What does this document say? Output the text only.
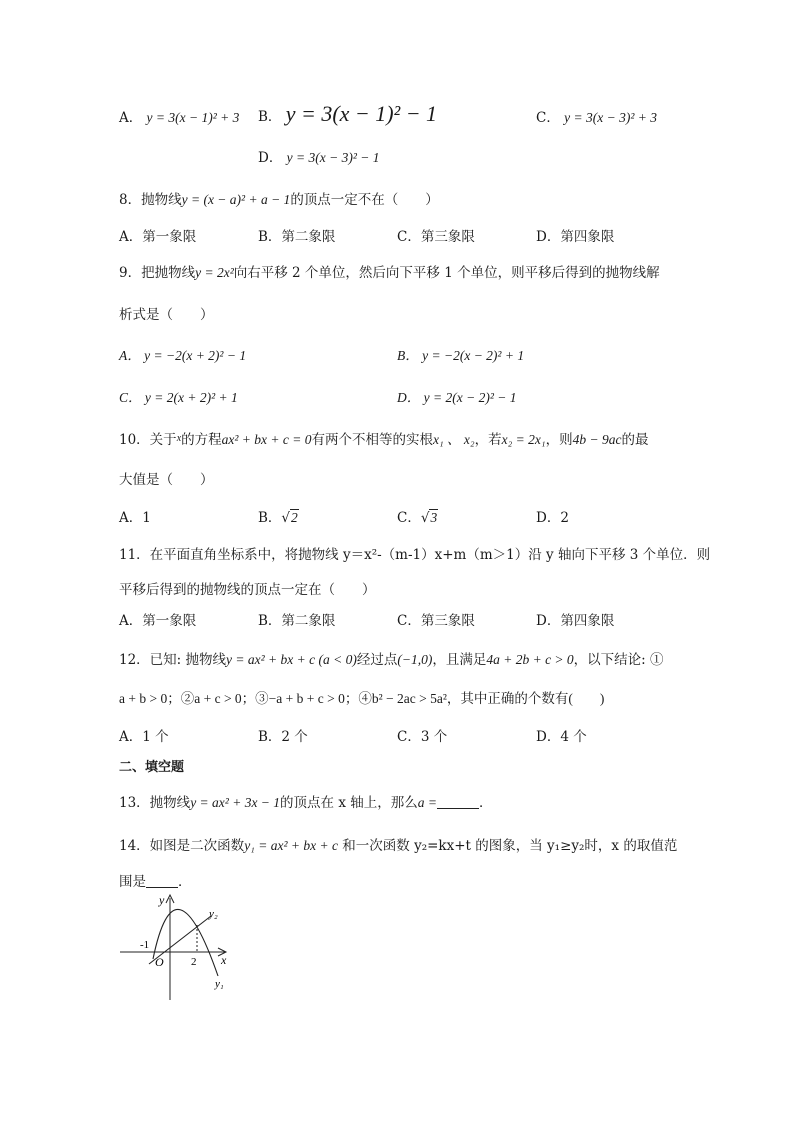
A． y = 3(x − 1)² + 3 B． y = 3(x − 1)² − 1	C． y = 3(x − 3)² + 3
D． y = 3(x − 3)² − 1
8．抛物线y = (x − a)² + a − 1的顶点一定不在（　　）
A．第一象限	B．第二象限	C．第三象限	D．第四象限
9．把抛物线y = 2x²向右平移 2 个单位，然后向下平移 1 个单位，则平移后得到的抛物线解
析式是（　　）
A． y = −2(x + 2)² − 1	B． y = −2(x − 2)² + 1
C． y = 2(x + 2)² + 1	D． y = 2(x − 2)² − 1
10．关于$^x$的方程ax² + bx + c = 0有两个不相等的实根x₁ 、 x₂，若x₂ = 2x₁，则4b − 9ac的最
大值是（　　）
A．1	B．√2	C．√3	D．2
11．在平面直角坐标系中，将抛物线 y＝x²-（m-1）x+m（m＞1）沿 y 轴向下平移 3 个单位．则
平移后得到的抛物线的顶点一定在（　　）
A．第一象限	B．第二象限	C．第三象限	D．第四象限
12．已知: 抛物线y = ax² + bx + c (a < 0)经过点(−1,0)，且满足4a + 2b + c > 0，以下结论: ①
a + b > 0；②a + c > 0；③−a + b + c > 0；④b² − 2ac > 5a²，其中正确的个数有(　　)
A．1 个	B．2 个	C．3 个	D．4 个
二、填空题
13．抛物线y = ax² + 3x − 1的顶点在 x 轴上，那么a =	．
14．如图是二次函数y₁ = ax² + bx + c 和一次函数 y₂=kx+t 的图象，当 y₁≥y₂时，x 的取值范
围是 ．
y
x
O
-1
2
y₂
y₁
